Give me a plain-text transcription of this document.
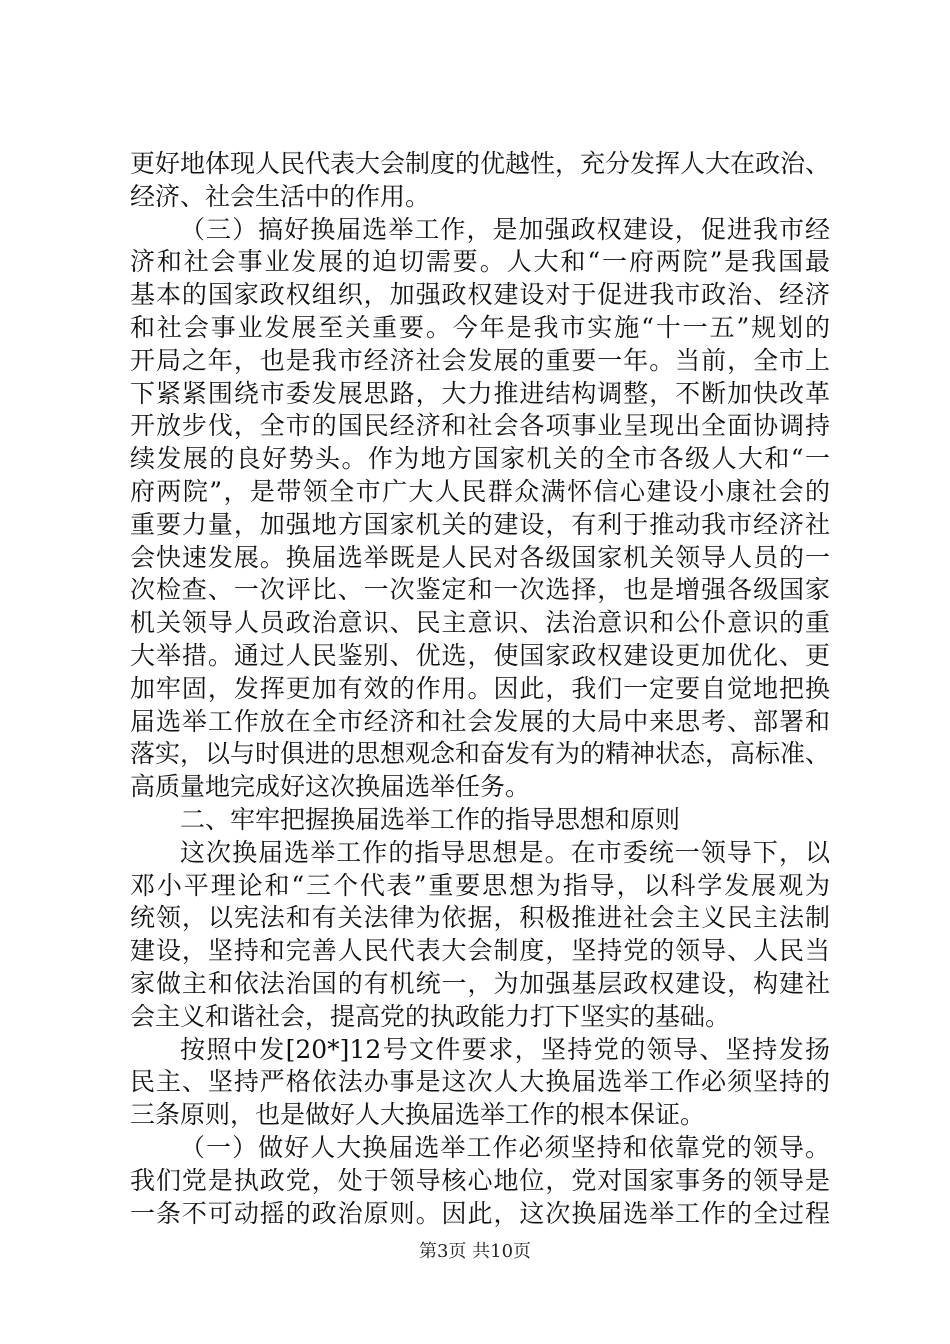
更好地体现人民代表大会制度的优越性，充分发挥人大在政治、
经济、社会生活中的作用。
（三）搞好换届选举工作，是加强政权建设，促进我市经
济和社会事业发展的迫切需要。人大和“一府两院”是我国最
基本的国家政权组织，加强政权建设对于促进我市政治、经济
和社会事业发展至关重要。今年是我市实施“十一五”规划的
开局之年，也是我市经济社会发展的重要一年。当前，全市上
下紧紧围绕市委发展思路，大力推进结构调整，不断加快改革
开放步伐，全市的国民经济和社会各项事业呈现出全面协调持
续发展的良好势头。作为地方国家机关的全市各级人大和“一
府两院”，是带领全市广大人民群众满怀信心建设小康社会的
重要力量，加强地方国家机关的建设，有利于推动我市经济社
会快速发展。换届选举既是人民对各级国家机关领导人员的一
次检查、一次评比、一次鉴定和一次选择，也是增强各级国家
机关领导人员政治意识、民主意识、法治意识和公仆意识的重
大举措。通过人民鉴别、优选，使国家政权建设更加优化、更
加牢固，发挥更加有效的作用。因此，我们一定要自觉地把换
届选举工作放在全市经济和社会发展的大局中来思考、部署和
落实，以与时俱进的思想观念和奋发有为的精神状态，高标准、
高质量地完成好这次换届选举任务。
二、牢牢把握换届选举工作的指导思想和原则
这次换届选举工作的指导思想是。在市委统一领导下，以
邓小平理论和“三个代表”重要思想为指导，以科学发展观为
统领，以宪法和有关法律为依据，积极推进社会主义民主法制
建设，坚持和完善人民代表大会制度，坚持党的领导、人民当
家做主和依法治国的有机统一，为加强基层政权建设，构建社
会主义和谐社会，提高党的执政能力打下坚实的基础。
按照中发[20*]12号文件要求，坚持党的领导、坚持发扬
民主、坚持严格依法办事是这次人大换届选举工作必须坚持的
三条原则，也是做好人大换届选举工作的根本保证。
（一）做好人大换届选举工作必须坚持和依靠党的领导。
我们党是执政党，处于领导核心地位，党对国家事务的领导是
一条不可动摇的政治原则。因此，这次换届选举工作的全过程
第3页 共10页
